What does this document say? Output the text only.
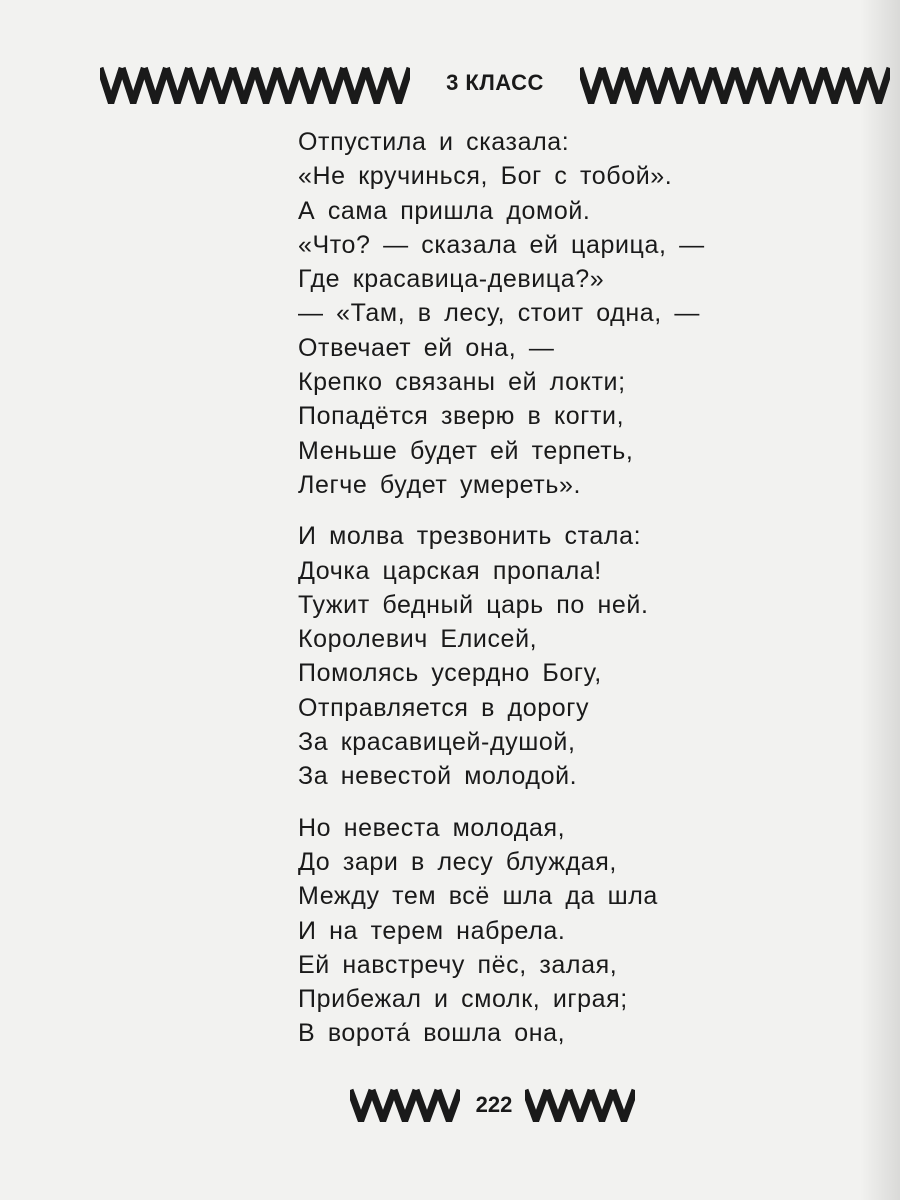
3 КЛАСС
Отпустила и сказала:
«Не кручинься, Бог с тобой».
А сама пришла домой.
«Что? — сказала ей царица, —
Где красавица-девица?»
— «Там, в лесу, стоит одна, —
Отвечает ей она, —
Крепко связаны ей локти;
Попадётся зверю в когти,
Меньше будет ей терпеть,
Легче будет умереть».
И молва трезвонить стала:
Дочка царская пропала!
Тужит бедный царь по ней.
Королевич Елисей,
Помолясь усердно Богу,
Отправляется в дорогу
За красавицей-душой,
За невестой молодой.
Но невеста молодая,
До зари в лесу блуждая,
Между тем всё шла да шла
И на терем набрела.
Ей навстречу пёс, залая,
Прибежал и смолк, играя;
В ворота́ вошла она,
222
